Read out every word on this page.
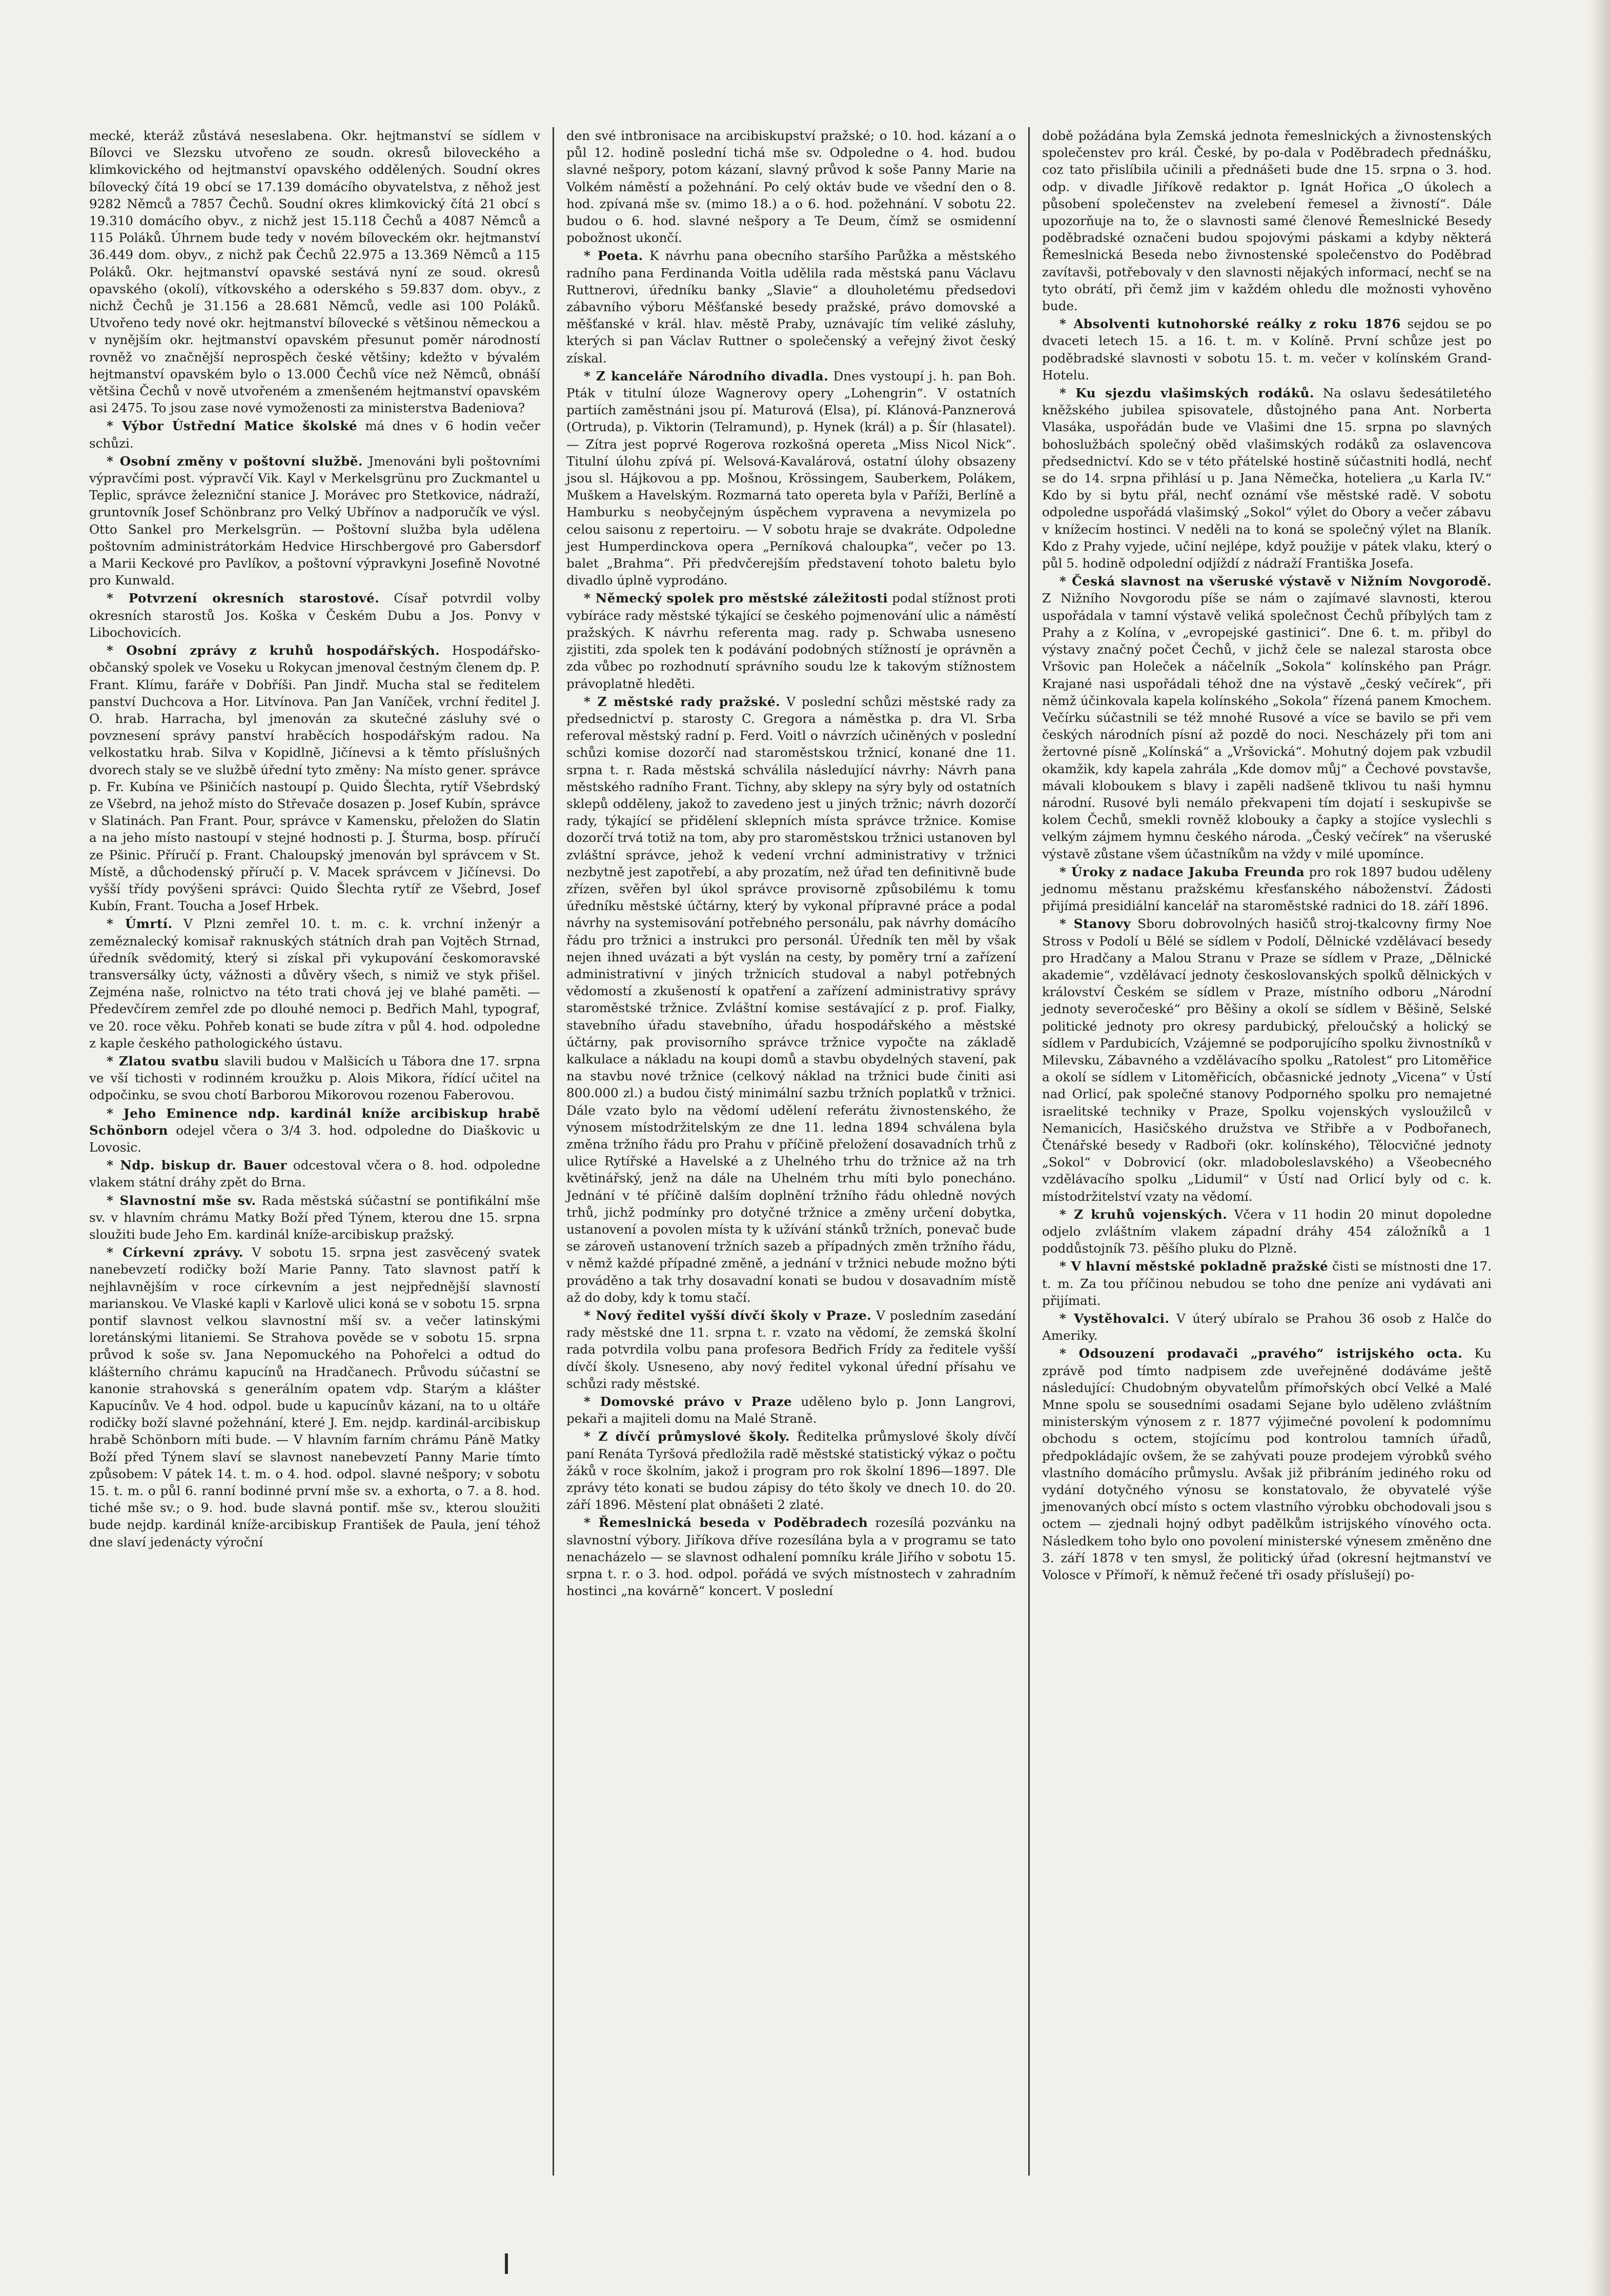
mecké, kteráž zůstává neseslabena. Okr. hejtmanství se sídlem v Bílovci ve Slezsku utvořeno ze soudn. okresů biloveckého a klimkovického od hejtmanství opavského oddělených. Soudní okres bílovecký čítá 19 obcí se 17.139 domácího obyvatelstva, z něhož jest 9282 Němců a 7857 Čechů. Soudní okres klimkovický čítá 21 obcí s 19.310 domácího obyv., z nichž jest 15.118 Čechů a 4087 Němců a 115 Poláků. Úhrnem bude tedy v novém bíloveckém okr. hejtmanství 36.449 dom. obyv., z nichž pak Čechů 22.975 a 13.369 Němců a 115 Poláků. Okr. hejtmanství opavské sestává nyní ze soud. okresů opavského (okolí), vítkovského a oderského s 59.837 dom. obyv., z nichž Čechů je 31.156 a 28.681 Němců, vedle asi 100 Poláků. Utvořeno tedy nové okr. hejtmanství bílovecké s většinou německou a v nynějším okr. hejtmanství opavském přesunut poměr národností rovněž vo značnější neprospěch české většiny; kdežto v bývalém hejtmanství opavském bylo o 13.000 Čechů více než Němců, obnáší většina Čechů v nově utvořeném a zmenšeném hejtmanství opavském asi 2475. To jsou zase nové vymoženosti za ministerstva Badeniova?

* Výbor Ústřední Matice školské má dnes v 6 hodin večer schůzi.

* Osobní změny v poštovní službě. Jmenováni byli poštovními výpravčími post. výpravčí Vik. Kayl v Merkelsgrünu pro Zuckmantel u Teplic, správce železniční stanice J. Morávec pro Stetkovice, nádraží, gruntovník Josef Schönbranz pro Velký Ubřínov a nadporučík ve výsl. Otto Sankel pro Merkelsgrün. — Poštovní služba byla udělena poštovním administrátorkám Hedvice Hirschbergové pro Gabersdorf a Marii Keckové pro Pavlíkov, a poštovní výpravkyni Josefině Novotné pro Kunwald.

* Potvrzení okresních starostové. Císař potvrdil volby okresních starostů Jos. Koška v Českém Dubu a Jos. Ponvy v Libochovicích.

* Osobní zprávy z kruhů hospodářských. Hospodářsko-občanský spolek ve Voseku u Rokycan jmenoval čestným členem dp. P. Frant. Klímu, faráře v Dobříši. Pan Jindř. Mucha stal se ředitelem panství Duchcova a Hor. Litvínova. Pan Jan Vaníček, vrchní ředitel J. O. hrab. Harracha, byl jmenován za skutečné zásluhy své o povznesení správy panství hraběcích hospodářským radou. Na velkostatku hrab. Silva v Kopidlně, Jičínevsi a k těmto příslušných dvorech staly se ve službě úřední tyto změny: Na místo gener. správce p. Fr. Kubína ve Pšiničích nastoupí p. Quido Šlechta, rytíř Všebrdský ze Všebrd, na jehož místo do Střevače dosazen p. Josef Kubín, správce v Slatinách. Pan Frant. Pour, správce v Kamensku, přeložen do Slatin a na jeho místo nastoupí v stejné hodnosti p. J. Šturma, bosp. příručí ze Pšinic. Příručí p. Frant. Chaloupský jmenován byl správcem v St. Místě, a důchodenský příručí p. V. Macek správcem v Jičínevsi. Do vyšší třídy povýšeni správci: Quido Šlechta rytíř ze Všebrd, Josef Kubín, Frant. Toucha a Josef Hrbek.

* Úmrtí. V Plzni zemřel 10. t. m. c. k. vrchní inženýr a zeměznalecký komisař raknuských státních drah pan Vojtěch Strnad, úředník svědomitý, který si získal při vykupování českomoravské transversálky úcty, vážnosti a důvěry všech, s nimiž ve styk přišel. Zejména naše, rolnictvo na této trati chová jej ve blahé paměti. — Předevčírem zemřel zde po dlouhé nemoci p. Bedřich Mahl, typograf, ve 20. roce věku. Pohřeb konati se bude zítra v půl 4. hod. odpoledne z kaple českého pathologického ústavu.

* Zlatou svatbu slavili budou v Malšicích u Tábora dne 17. srpna ve vší tichosti v rodinném kroužku p. Alois Mikora, řídící učitel na odpočinku, se svou chotí Barborou Mikorovou rozenou Faberovou.

* Jeho Eminence ndp. kardinál kníže arcibiskup hrabě Schönborn odejel včera o 3/4 3. hod. odpoledne do Diaškovic u Lovosic.

* Ndp. biskup dr. Bauer odcestoval včera o 8. hod. odpoledne vlakem státní dráhy zpět do Brna.

* Slavnostní mše sv. Rada městská súčastní se pontifikální mše sv. v hlavním chrámu Matky Boží před Týnem, kterou dne 15. srpna sloužiti bude Jeho Em. kardinál kníže-arcibiskup pražský.

* Církevní zprávy. V sobotu 15. srpna jest zasvěcený svatek nanebevzetí rodičky boží Marie Panny. Tato slavnost patří k nejhlavnějším v roce církevním a jest nejpřednější slavností marianskou. Ve Vlaské kapli v Karlově ulici koná se v sobotu 15. srpna pontif slavnost velkou slavnostní mší sv. a večer latinskými loretánskými litaniemi. Se Strahova pověde se v sobotu 15. srpna průvod k soše sv. Jana Nepomuckého na Pohořelci a odtud do klášterního chrámu kapucínů na Hradčanech. Průvodu súčastní se kanonie strahovská s generálním opatem vdp. Starým a klášter Kapucínův. Ve 4 hod. odpol. bude u kapucínův kázaní, na to u oltáře rodičky boží slavné požehnání, které J. Em. nejdp. kardinál-arcibiskup hrabě Schönborn míti bude. — V hlavním farním chrámu Páně Matky Boží před Týnem slaví se slavnost nanebevzetí Panny Marie tímto způsobem: V pátek 14. t. m. o 4. hod. odpol. slavné nešpory; v sobotu 15. t. m. o půl 6. ranní bodinné první mše sv. a exhorta, o 7. a 8. hod. tiché mše sv.; o 9. hod. bude slavná pontif. mše sv., kterou sloužiti bude nejdp. kardinál kníže-arcibiskup František de Paula, jení téhož dne slaví jedenácty výroční

den své intbronisace na arcibiskupství pražské; o 10. hod. kázaní a o půl 12. hodině poslední tichá mše sv. Odpoledne o 4. hod. budou slavné nešpory, potom kázaní, slavný průvod k soše Panny Marie na Volkém náměstí a požehnání. Po celý oktáv bude ve všední den o 8. hod. zpívaná mše sv. (mimo 18.) a o 6. hod. požehnání. V sobotu 22. budou o 6. hod. slavné nešpory a Te Deum, čímž se osmidenní pobožnost ukončí.

* Poeta. K návrhu pana obecního staršího Parůžka a městského radního pana Ferdinanda Voitla udělila rada městská panu Václavu Ruttnerovi, úředníku banky „Slavie“ a dlouholetému předsedovi zábavního výboru Měšťanské besedy pražské, právo domovské a měšťanské v král. hlav. městě Praby, uznávajíc tím veliké zásluhy, kterých si pan Václav Ruttner o společenský a veřejný život český získal.

* Z kanceláře Národního divadla. Dnes vystoupí j. h. pan Boh. Pták v titulní úloze Wagnerovy opery „Lohengrin“. V ostatních partiích zaměstnáni jsou pí. Maturová (Elsa), pí. Klánová-Panznerová (Ortruda), p. Viktorin (Telramund), p. Hynek (král) a p. Šír (hlasatel). — Zítra jest poprvé Rogerova rozkošná opereta „Miss Nicol Nick“. Titulní úlohu zpívá pí. Welsová-Kavalárová, ostatní úlohy obsazeny jsou sl. Hájkovou a pp. Mošnou, Krössingem, Sauberkem, Polákem, Muškem a Havelským. Rozmarná tato opereta byla v Paříži, Berlíně a Hamburku s neobyčejným úspěchem vypravena a nevymizela po celou saisonu z repertoiru. — V sobotu hraje se dvakráte. Odpoledne jest Humperdinckova opera „Perníková chaloupka“, večer po 13. balet „Brahma“. Při předvčerejším představení tohoto baletu bylo divadlo úplně vyprodáno.

* Německý spolek pro městské záležitosti podal stížnost proti vybíráce rady městské týkající se českého pojmenování ulic a náměstí pražských. K návrhu referenta mag. rady p. Schwaba usneseno zjistiti, zda spolek ten k podávání podobných stížností je oprávněn a zda vůbec po rozhodnutí správního soudu lze k takovým stížnostem právoplatně hleděti.

* Z městské rady pražské. V poslední schůzi městské rady za předsednictví p. starosty C. Gregora a náměstka p. dra Vl. Srba referoval městský radní p. Ferd. Voitl o návrzích učiněných v poslední schůzi komise dozorčí nad staroměstskou tržnicí, konané dne 11. srpna t. r. Rada městská schválila následující návrhy: Návrh pana městského radního Frant. Tichny, aby sklepy na sýry byly od ostatních sklepů odděleny, jakož to zavedeno jest u jiných tržnic; návrh dozorčí rady, týkající se přidělení sklepních místa správce tržnice. Komise dozorčí trvá totiž na tom, aby pro staroměstskou tržnici ustanoven byl zvláštní správce, jehož k vedení vrchní administrativy v tržnici nezbytně jest zapotřebí, a aby prozatím, než úřad ten definitivně bude zřízen, svěřen byl úkol správce provisorně způsobilému k tomu úředníku městské účtárny, který by vykonal přípravné práce a podal návrhy na systemisování potřebného personálu, pak návrhy domácího řádu pro tržnici a instrukci pro personál. Úředník ten měl by však nejen ihned uvázati a být vyslán na cesty, by poměry trní a zařízení administrativní v jiných tržnicích studoval a nabyl potřebných vědomostí a zkušeností k opatření a zařízení administrativy správy staroměstské tržnice. Zvláštní komise sestávající z p. prof. Fialky, stavebního úřadu stavebního, úřadu hospodářského a městské účtárny, pak provisorního správce tržnice vypočte na základě kalkulace a nákladu na koupi domů a stavbu obydelných stavení, pak na stavbu nové tržnice (celkový náklad na tržnici bude činiti asi 800.000 zl.) a budou čistý minimální sazbu tržních poplatků v tržnici. Dále vzato bylo na vědomí udělení referátu živnostenského, že výnosem místodržitelským ze dne 11. ledna 1894 schválena byla změna tržního řádu pro Prahu v příčině přeložení dosavadních trhů z ulice Rytířské a Havelské a z Uhelného trhu do tržnice až na trh květinářský, jenž na dále na Uhelném trhu míti bylo ponecháno. Jednání v té příčině dalším doplnění tržního řádu ohledně nových trhů, jichž podmínky pro dotyčné tržnice a změny určení dobytka, ustanovení a povolen místa ty k užívání stánků tržních, ponevač bude se zároveň ustanovení tržních sazeb a případných změn tržního řádu, v němž každé případné změně, a jednání v tržnici nebude možno býti prováděno a tak trhy dosavadní konati se budou v dosavadním místě až do doby, kdy k tomu stačí.

* Nový ředitel vyšší dívčí školy v Praze. V posledním zasedání rady městské dne 11. srpna t. r. vzato na vědomí, že zemská školní rada potvrdila volbu pana profesora Bedřich Frídy za ředitele vyšší dívčí školy. Usneseno, aby nový ředitel vykonal úřední přísahu ve schůzi rady městské.

* Domovské právo v Praze uděleno bylo p. Jonn Langrovi, pekaři a majiteli domu na Malé Straně.

* Z dívčí průmyslové školy. Ředitelka průmyslové školy dívčí paní Renáta Tyršová předložila radě městské statistický výkaz o počtu žáků v roce školním, jakož i program pro rok školní 1896—1897. Dle zprávy této konati se budou zápisy do této školy ve dnech 10. do 20. září 1896. Městení plat obnášeti 2 zlaté.

* Řemeslnická beseda v Poděbradech rozesílá pozvánku na slavnostní výbory. Jiříkova dříve rozesílána byla a v programu se tato nenacházelo — se slavnost odhalení pomníku krále Jiřího v sobotu 15. srpna t. r. o 3. hod. odpol. pořádá ve svých místnostech v zahradním hostinci „na kovárně“ koncert. V poslední

době požádána byla Zemská jednota řemeslnických a živnostenských společenstev pro král. České, by po-dala v Poděbradech přednášku, coz tato přislíbila učinili a přednášeti bude dne 15. srpna o 3. hod. odp. v divadle Jiříkově redaktor p. Ignát Hořica „O úkolech a působení společenstev na zvelebení řemesel a živností“. Dále upozorňuje na to, že o slavnosti samé členové Řemeslnické Besedy poděbradské označeni budou spojovými páskami a kdyby některá Řemeslnická Beseda nebo živnostenské společenstvo do Poděbrad zavítavši, potřebovaly v den slavnosti nějakých informací, nechť se na tyto obrátí, při čemž jim v každém ohledu dle možnosti vyhověno bude.

* Absolventi kutnohorské reálky z roku 1876 sejdou se po dvaceti letech 15. a 16. t. m. v Kolíně. První schůze jest po poděbradské slavnosti v sobotu 15. t. m. večer v kolínském Grand-Hotelu.

* Ku sjezdu vlašimských rodáků. Na oslavu šedesátiletého kněžského jubilea spisovatele, důstojného pana Ant. Norberta Vlasáka, uspořádán bude ve Vlašimi dne 15. srpna po slavných bohoslužbách společný oběd vlašimských rodáků za oslavencova předsednictví. Kdo se v této přátelské hostině súčastniti hodlá, nechť se do 14. srpna přihlásí u p. Jana Němečka, hoteliera „u Karla IV.“ Kdo by si bytu přál, nechť oznámí vše městské radě. V sobotu odpoledne uspořádá vlašimský „Sokol“ výlet do Obory a večer zábavu v knížecím hostinci. V neděli na to koná se společný výlet na Blaník. Kdo z Prahy vyjede, učiní nejlépe, když použije v pátek vlaku, který o půl 5. hodině odpolední odjíždí z nádraží Františka Josefa.

* Česká slavnost na všeruské výstavě v Nižním Novgorodě. Z Nižního Novgorodu píše se nám o zajímavé slavnosti, kterou uspořádala v tamní výstavě veliká společnost Čechů příbylých tam z Prahy a z Kolína, v „evropejské gastinici“. Dne 6. t. m. přibyl do výstavy značný počet Čechů, v jichž čele se nalezal starosta obce Vršovic pan Holeček a náčelník „Sokola“ kolínského pan Prágr. Krajané nasi uspořádali téhož dne na výstavě „český večírek“, při němž účinkovala kapela kolínského „Sokola“ řízená panem Kmochem. Večírku súčastnili se též mnohé Rusové a více se bavilo se při vem českých národních písní až pozdě do noci. Nescházely při tom ani žertovné písně „Kolínská“ a „Vršovická“. Mohutný dojem pak vzbudil okamžik, kdy kapela zahrála „Kde domov můj“ a Čechové povstavše, mávali kloboukem s blavy i zapěli nadšeně tklivou tu naši hymnu národní. Rusové byli nemálo překvapeni tím dojatí i seskupivše se kolem Čechů, smekli rovněž klobouky a čapky a stojíce vyslechli s velkým zájmem hymnu českého národa. „Český večírek“ na všeruské výstavě zůstane všem účastníkům na vždy v milé upomínce.

* Úroky z nadace Jakuba Freunda pro rok 1897 budou uděleny jednomu městanu pražskému křesťanského náboženství. Žádosti přijímá presidiální kancelář na staroměstské radnici do 18. září 1896.

* Stanovy Sboru dobrovolných hasičů stroj-tkalcovny firmy Noe Stross v Podolí u Bělé se sídlem v Podolí, Dělnické vzdělávací besedy pro Hradčany a Malou Stranu v Praze se sídlem v Praze, „Dělnické akademie“, vzdělávací jednoty českoslovanských spolků dělnických v království Českém se sídlem v Praze, místního odboru „Národní jednoty severočeské“ pro Běšiny a okolí se sídlem v Běšině, Selské politické jednoty pro okresy pardubický, přeloučský a holický se sídlem v Pardubicích, Vzájemné se podporujícího spolku živnostníků v Milevsku, Zábavného a vzdělávacího spolku „Ratolest“ pro Litoměřice a okolí se sídlem v Litoměřicích, občasnické jednoty „Vicena“ v Ústí nad Orlicí, pak společné stanovy Podporného spolku pro nemajetné israelitské techniky v Praze, Spolku vojenských vysloužilců v Nemanicích, Hasičského družstva ve Střibře a v Podbořanech, Čtenářské besedy v Radboři (okr. kolínského), Tělocvičné jednoty „Sokol“ v Dobrovicí (okr. mladoboleslavského) a Všeobecného vzdělávacího spolku „Lidumil“ v Ústí nad Orlicí byly od c. k. místodržitelství vzaty na vědomí.

* Z kruhů vojenských. Včera v 11 hodin 20 minut dopoledne odjelo zvláštním vlakem západní dráhy 454 záložníků a 1 poddůstojník 73. pěšího pluku do Plzně.

* V hlavní městské pokladně pražské čisti se místnosti dne 17. t. m. Za tou příčinou nebudou se toho dne peníze ani vydávati ani přijímati.

* Vystěhovalci. V úterý ubíralo se Prahou 36 osob z Halče do Ameriky.

* Odsouzení prodavači „pravého“ istrijského octa. Ku zprávě pod tímto nadpisem zde uveřejněné dodáváme ještě následující: Chudobným obyvatelům přímořských obcí Velké a Malé Mnne spolu se sousedními osadami Sejane bylo uděleno zvláštním ministerským výnosem z r. 1877 výjimečné povolení k podomnímu obchodu s octem, stojícímu pod kontrolou tamních úřadů, předpokládajíc ovšem, že se zahývati pouze prodejem výrobků svého vlastního domácího průmyslu. Avšak již přibráním jediného roku od vydání dotyčného výnosu se konstatovalo, že obyvatelé výše jmenovaných obcí místo s octem vlastního výrobku obchodovali jsou s octem — zjednali hojný odbyt padělkům istrijského vínového octa. Následkem toho bylo ono povolení ministerské výnesem změněno dne 3. září 1878 v ten smysl, že politický úřad (okresní hejtmanství ve Volosce v Přímoří, k němuž řečené tři osady příslušejí) po-
